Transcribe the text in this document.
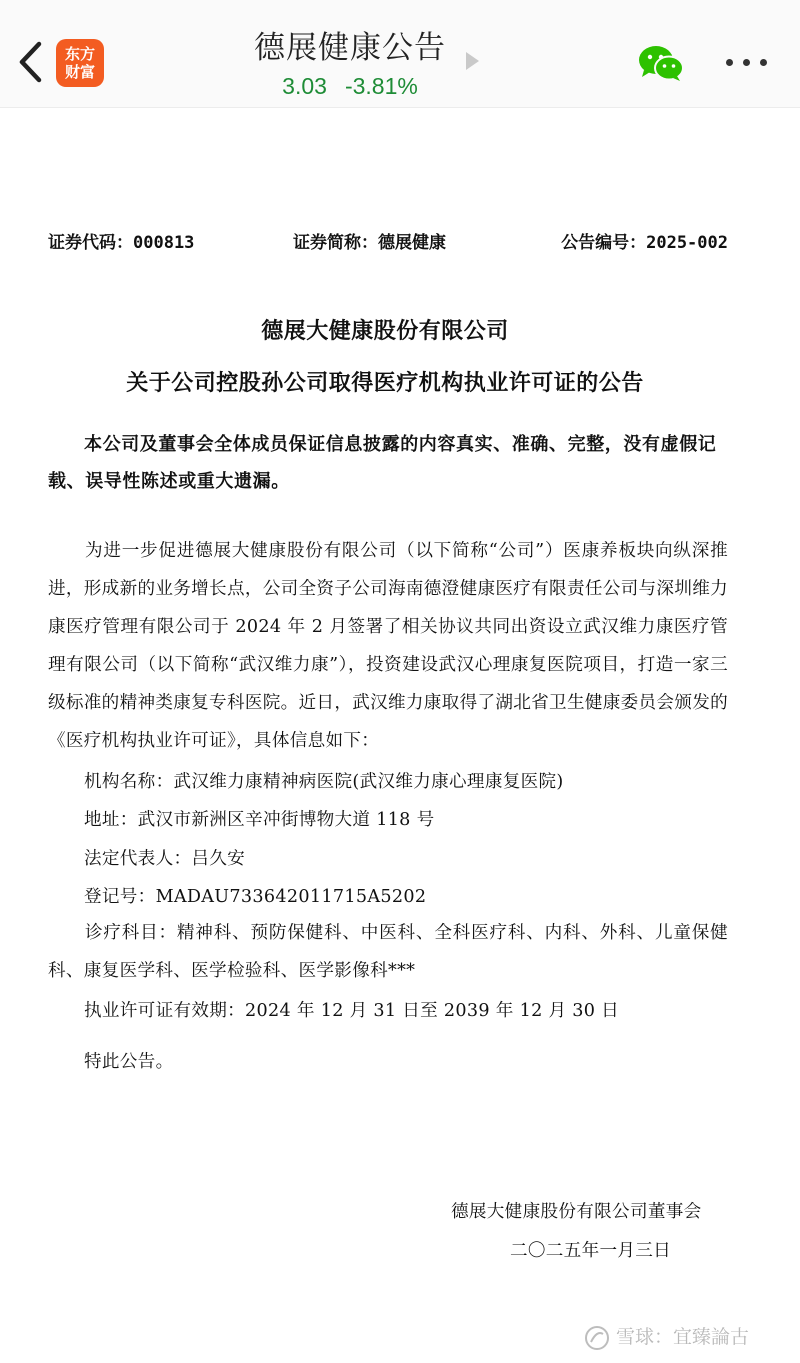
东方
财富
德展健康公告
3.03 -3.81%
证券代码：000813	证券简称：德展健康	公告编号：2025-002
德展大健康股份有限公司
关于公司控股孙公司取得医疗机构执业许可证的公告
本公司及董事会全体成员保证信息披露的内容真实、准确、完整，没有虚假记载、误导性陈述或重大遗漏。
为进一步促进德展大健康股份有限公司（以下简称“公司”）医康养板块向纵深推进，形成新的业务增长点，公司全资子公司海南德澄健康医疗有限责任公司与深圳维力康医疗管理有限公司于 2024 年 2 月签署了相关协议共同出资设立武汉维力康医疗管理有限公司（以下简称“武汉维力康”），投资建设武汉心理康复医院项目，打造一家三级标准的精神类康复专科医院。近日，武汉维力康取得了湖北省卫生健康委员会颁发的《医疗机构执业许可证》，具体信息如下：
机构名称：武汉维力康精神病医院(武汉维力康心理康复医院)
地址：武汉市新洲区辛冲街博物大道 118 号
法定代表人：吕久安
登记号：MADAU733642011715A5202
诊疗科目：精神科、预防保健科、中医科、全科医疗科、内科、外科、儿童保健科、康复医学科、医学检验科、医学影像科***
执业许可证有效期：2024 年 12 月 31 日至 2039 年 12 月 30 日
特此公告。
德展大健康股份有限公司董事会
二〇二五年一月三日
雪球：宜臻論古
